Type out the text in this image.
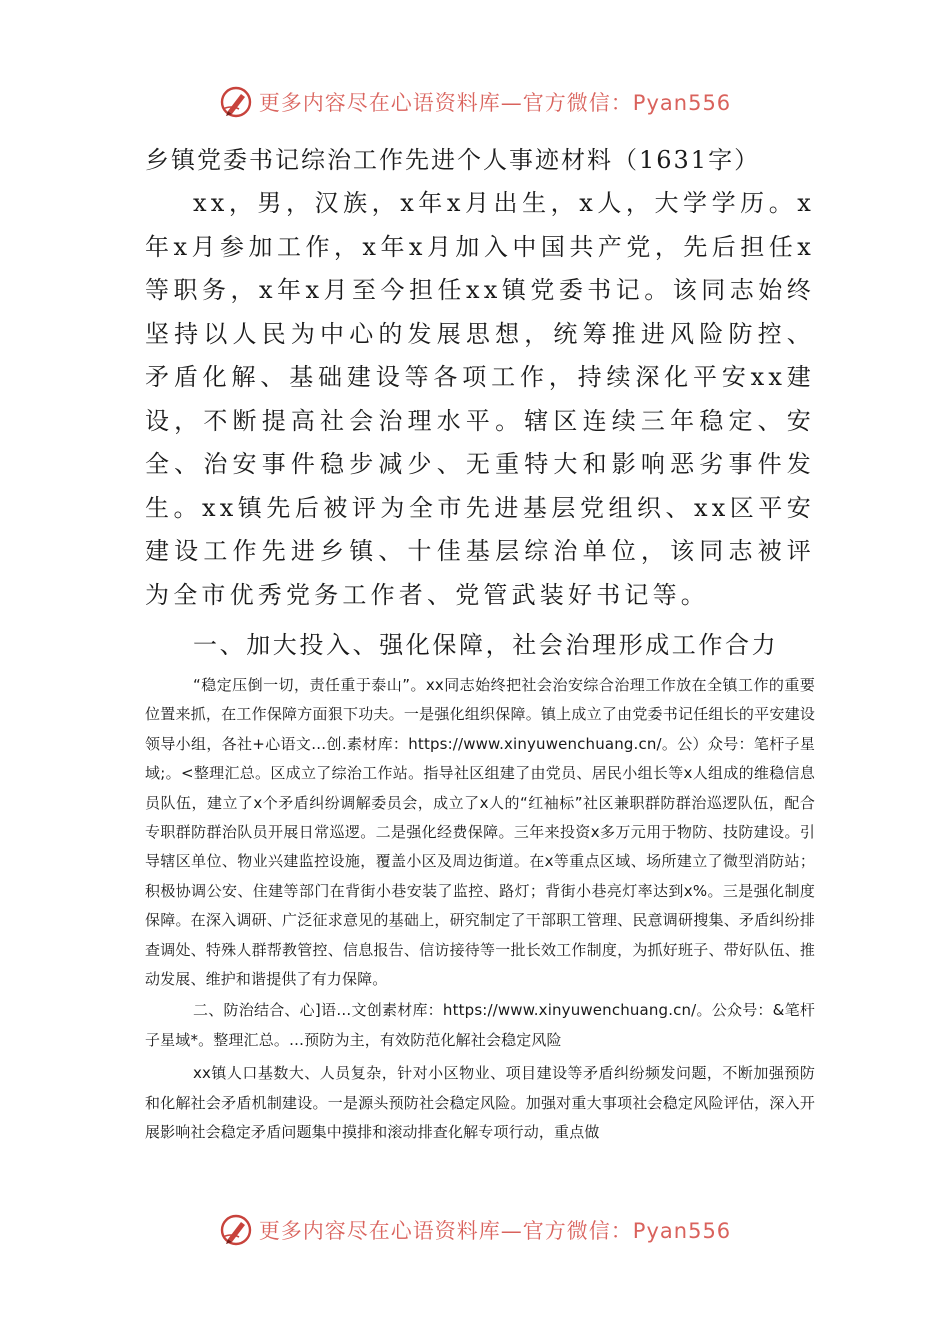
更多内容尽在心语资料库—官方微信：Pyan556
乡镇党委书记综治工作先进个人事迹材料（1631字）

xx，男，汉族，x年x月出生，x人，大学学历。x年x月参加工作，x年x月加入中国共产党，先后担任x等职务，x年x月至今担任xx镇党委书记。该同志始终坚持以人民为中心的发展思想，统筹推进风险防控、矛盾化解、基础建设等各项工作，持续深化平安xx建设，不断提高社会治理水平。辖区连续三年稳定、安全、治安事件稳步减少、无重特大和影响恶劣事件发生。xx镇先后被评为全市先进基层党组织、xx区平安建设工作先进乡镇、十佳基层综治单位，该同志被评为全市优秀党务工作者、党管武装好书记等。

一、加大投入、强化保障，社会治理形成工作合力

“稳定压倒一切，责任重于泰山”。xx同志始终把社会治安综合治理工作放在全镇工作的重要位置来抓，在工作保障方面狠下功夫。一是强化组织保障。镇上成立了由党委书记任组长的平安建设领导小组，各社+心语文…创.素材库：https://www.xinyuwenchuang.cn/。公）众号：笔杆子星域;。<整理汇总。区成立了综治工作站。指导社区组建了由党员、居民小组长等x人组成的维稳信息员队伍，建立了x个矛盾纠纷调解委员会，成立了x人的“红袖标”社区兼职群防群治巡逻队伍，配合专职群防群治队员开展日常巡逻。二是强化经费保障。三年来投资x多万元用于物防、技防建设。引导辖区单位、物业兴建监控设施，覆盖小区及周边街道。在x等重点区域、场所建立了微型消防站；积极协调公安、住建等部门在背街小巷安装了监控、路灯；背街小巷亮灯率达到x%。三是强化制度保障。在深入调研、广泛征求意见的基础上，研究制定了干部职工管理、民意调研搜集、矛盾纠纷排查调处、特殊人群帮教管控、信息报告、信访接待等一批长效工作制度，为抓好班子、带好队伍、推动发展、维护和谐提供了有力保障。

二、防治结合、心]语…文创素材库：https://www.xinyuwenchuang.cn/。公众号：&笔杆子星域*。整理汇总。…预防为主，有效防范化解社会稳定风险

xx镇人口基数大、人员复杂，针对小区物业、项目建设等矛盾纠纷频发问题，不断加强预防和化解社会矛盾机制建设。一是源头预防社会稳定风险。加强对重大事项社会稳定风险评估，深入开展影响社会稳定矛盾问题集中摸排和滚动排查化解专项行动，重点做

更多内容尽在心语资料库—官方微信：Pyan556
